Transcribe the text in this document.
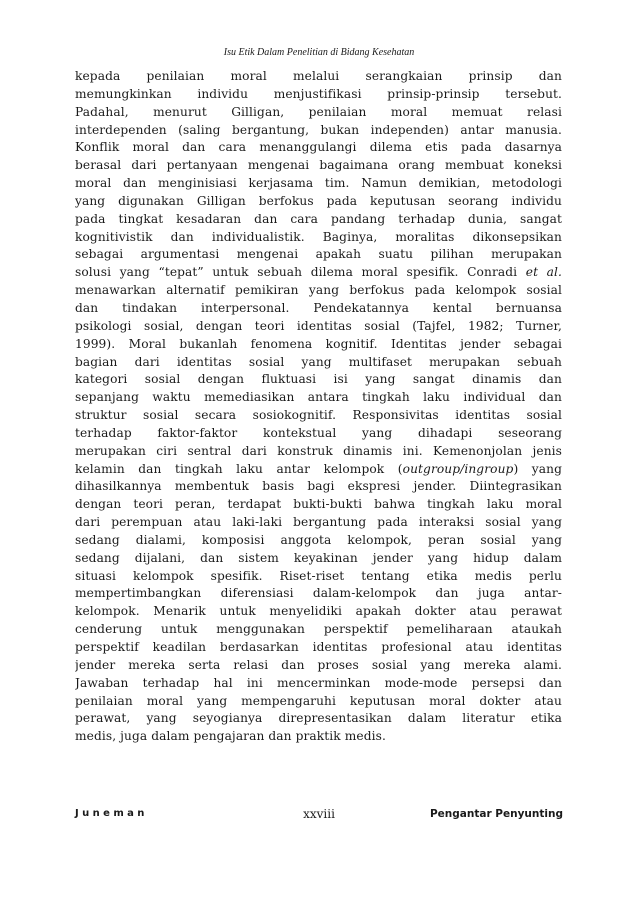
Isu Etik Dalam Penelitian di Bidang Kesehatan
kepada penilaian moral melalui serangkaian prinsip dan
memungkinkan individu menjustifikasi prinsip-prinsip tersebut.
Padahal, menurut Gilligan, penilaian moral memuat relasi
interdependen (saling bergantung, bukan independen) antar manusia.
Konflik moral dan cara menanggulangi dilema etis pada dasarnya
berasal dari pertanyaan mengenai bagaimana orang membuat koneksi
moral dan menginisiasi kerjasama tim. Namun demikian, metodologi
yang digunakan Gilligan berfokus pada keputusan seorang individu
pada tingkat kesadaran dan cara pandang terhadap dunia, sangat
kognitivistik dan individualistik. Baginya, moralitas dikonsepsikan
sebagai argumentasi mengenai apakah suatu pilihan merupakan
solusi yang “tepat” untuk sebuah dilema moral spesifik. Conradi et al.
menawarkan alternatif pemikiran yang berfokus pada kelompok sosial
dan tindakan interpersonal. Pendekatannya kental bernuansa
psikologi sosial, dengan teori identitas sosial (Tajfel, 1982; Turner,
1999). Moral bukanlah fenomena kognitif. Identitas jender sebagai
bagian dari identitas sosial yang multifaset merupakan sebuah
kategori sosial dengan fluktuasi isi yang sangat dinamis dan
sepanjang waktu memediasikan antara tingkah laku individual dan
struktur sosial secara sosiokognitif. Responsivitas identitas sosial
terhadap faktor-faktor kontekstual yang dihadapi seseorang
merupakan ciri sentral dari konstruk dinamis ini. Kemenonjolan jenis
kelamin dan tingkah laku antar kelompok (outgroup/ingroup) yang
dihasilkannya membentuk basis bagi ekspresi jender. Diintegrasikan
dengan teori peran, terdapat bukti-bukti bahwa tingkah laku moral
dari perempuan atau laki-laki bergantung pada interaksi sosial yang
sedang dialami, komposisi anggota kelompok, peran sosial yang
sedang dijalani, dan sistem keyakinan jender yang hidup dalam
situasi kelompok spesifik. Riset-riset tentang etika medis perlu
mempertimbangkan diferensiasi dalam-kelompok dan juga antar-
kelompok. Menarik untuk menyelidiki apakah dokter atau perawat
cenderung untuk menggunakan perspektif pemeliharaan ataukah
perspektif keadilan berdasarkan identitas profesional atau identitas
jender mereka serta relasi dan proses sosial yang mereka alami.
Jawaban terhadap hal ini mencerminkan mode-mode persepsi dan
penilaian moral yang mempengaruhi keputusan moral dokter atau
perawat, yang seyogianya direpresentasikan dalam literatur etika
medis, juga dalam pengajaran dan praktik medis.
Juneman	xxviii	Pengantar Penyunting
